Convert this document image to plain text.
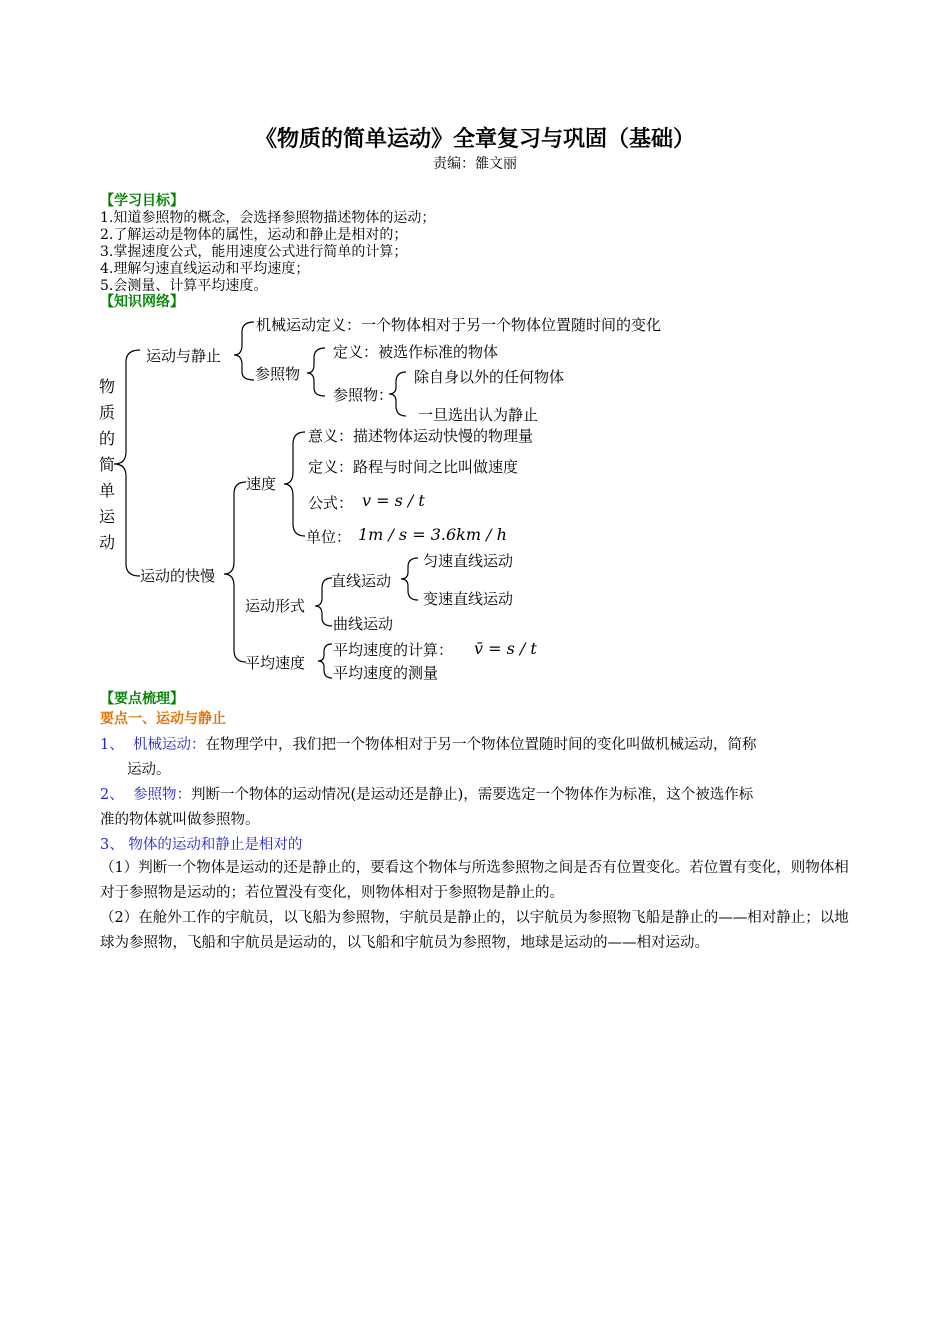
《物质的简单运动》全章复习与巩固（基础）
责编：雒文丽
【学习目标】
1.知道参照物的概念，会选择参照物描述物体的运动；
2.了解运动是物体的属性，运动和静止是相对的；
3.掌握速度公式，能用速度公式进行简单的计算；
4.理解匀速直线运动和平均速度；
5.会测量、计算平均速度。
【知识网络】
物
质
的
简
单
运
动
运动与静止
机械运动定义：一个物体相对于另一个物体位置随时间的变化
参照物
定义：被选作标准的物体
参照物：
除自身以外的任何物体
一旦选出认为静止
运动的快慢
速度
意义：描述物体运动快慢的物理量
定义：路程与时间之比叫做速度
公式： v = s / t
单位： 1m / s = 3.6km / h
运动形式
直线运动
匀速直线运动
变速直线运动
曲线运动
平均速度
平均速度的计算： v̄ = s / t
平均速度的测量
【要点梳理】
要点一、运动与静止
1、 机械运动：在物理学中，我们把一个物体相对于另一个物体位置随时间的变化叫做机械运动，简称
运动。
2、 参照物：判断一个物体的运动情况(是运动还是静止)，需要选定一个物体作为标准，这个被选作标
准的物体就叫做参照物。
3、 物体的运动和静止是相对的
（1）判断一个物体是运动的还是静止的，要看这个物体与所选参照物之间是否有位置变化。若位置有变化，则物体相对于参照物是运动的；若位置没有变化，则物体相对于参照物是静止的。
（2）在舱外工作的宇航员，以飞船为参照物，宇航员是静止的，以宇航员为参照物飞船是静止的——相对静止；以地球为参照物，飞船和宇航员是运动的，以飞船和宇航员为参照物，地球是运动的——相对运动。
